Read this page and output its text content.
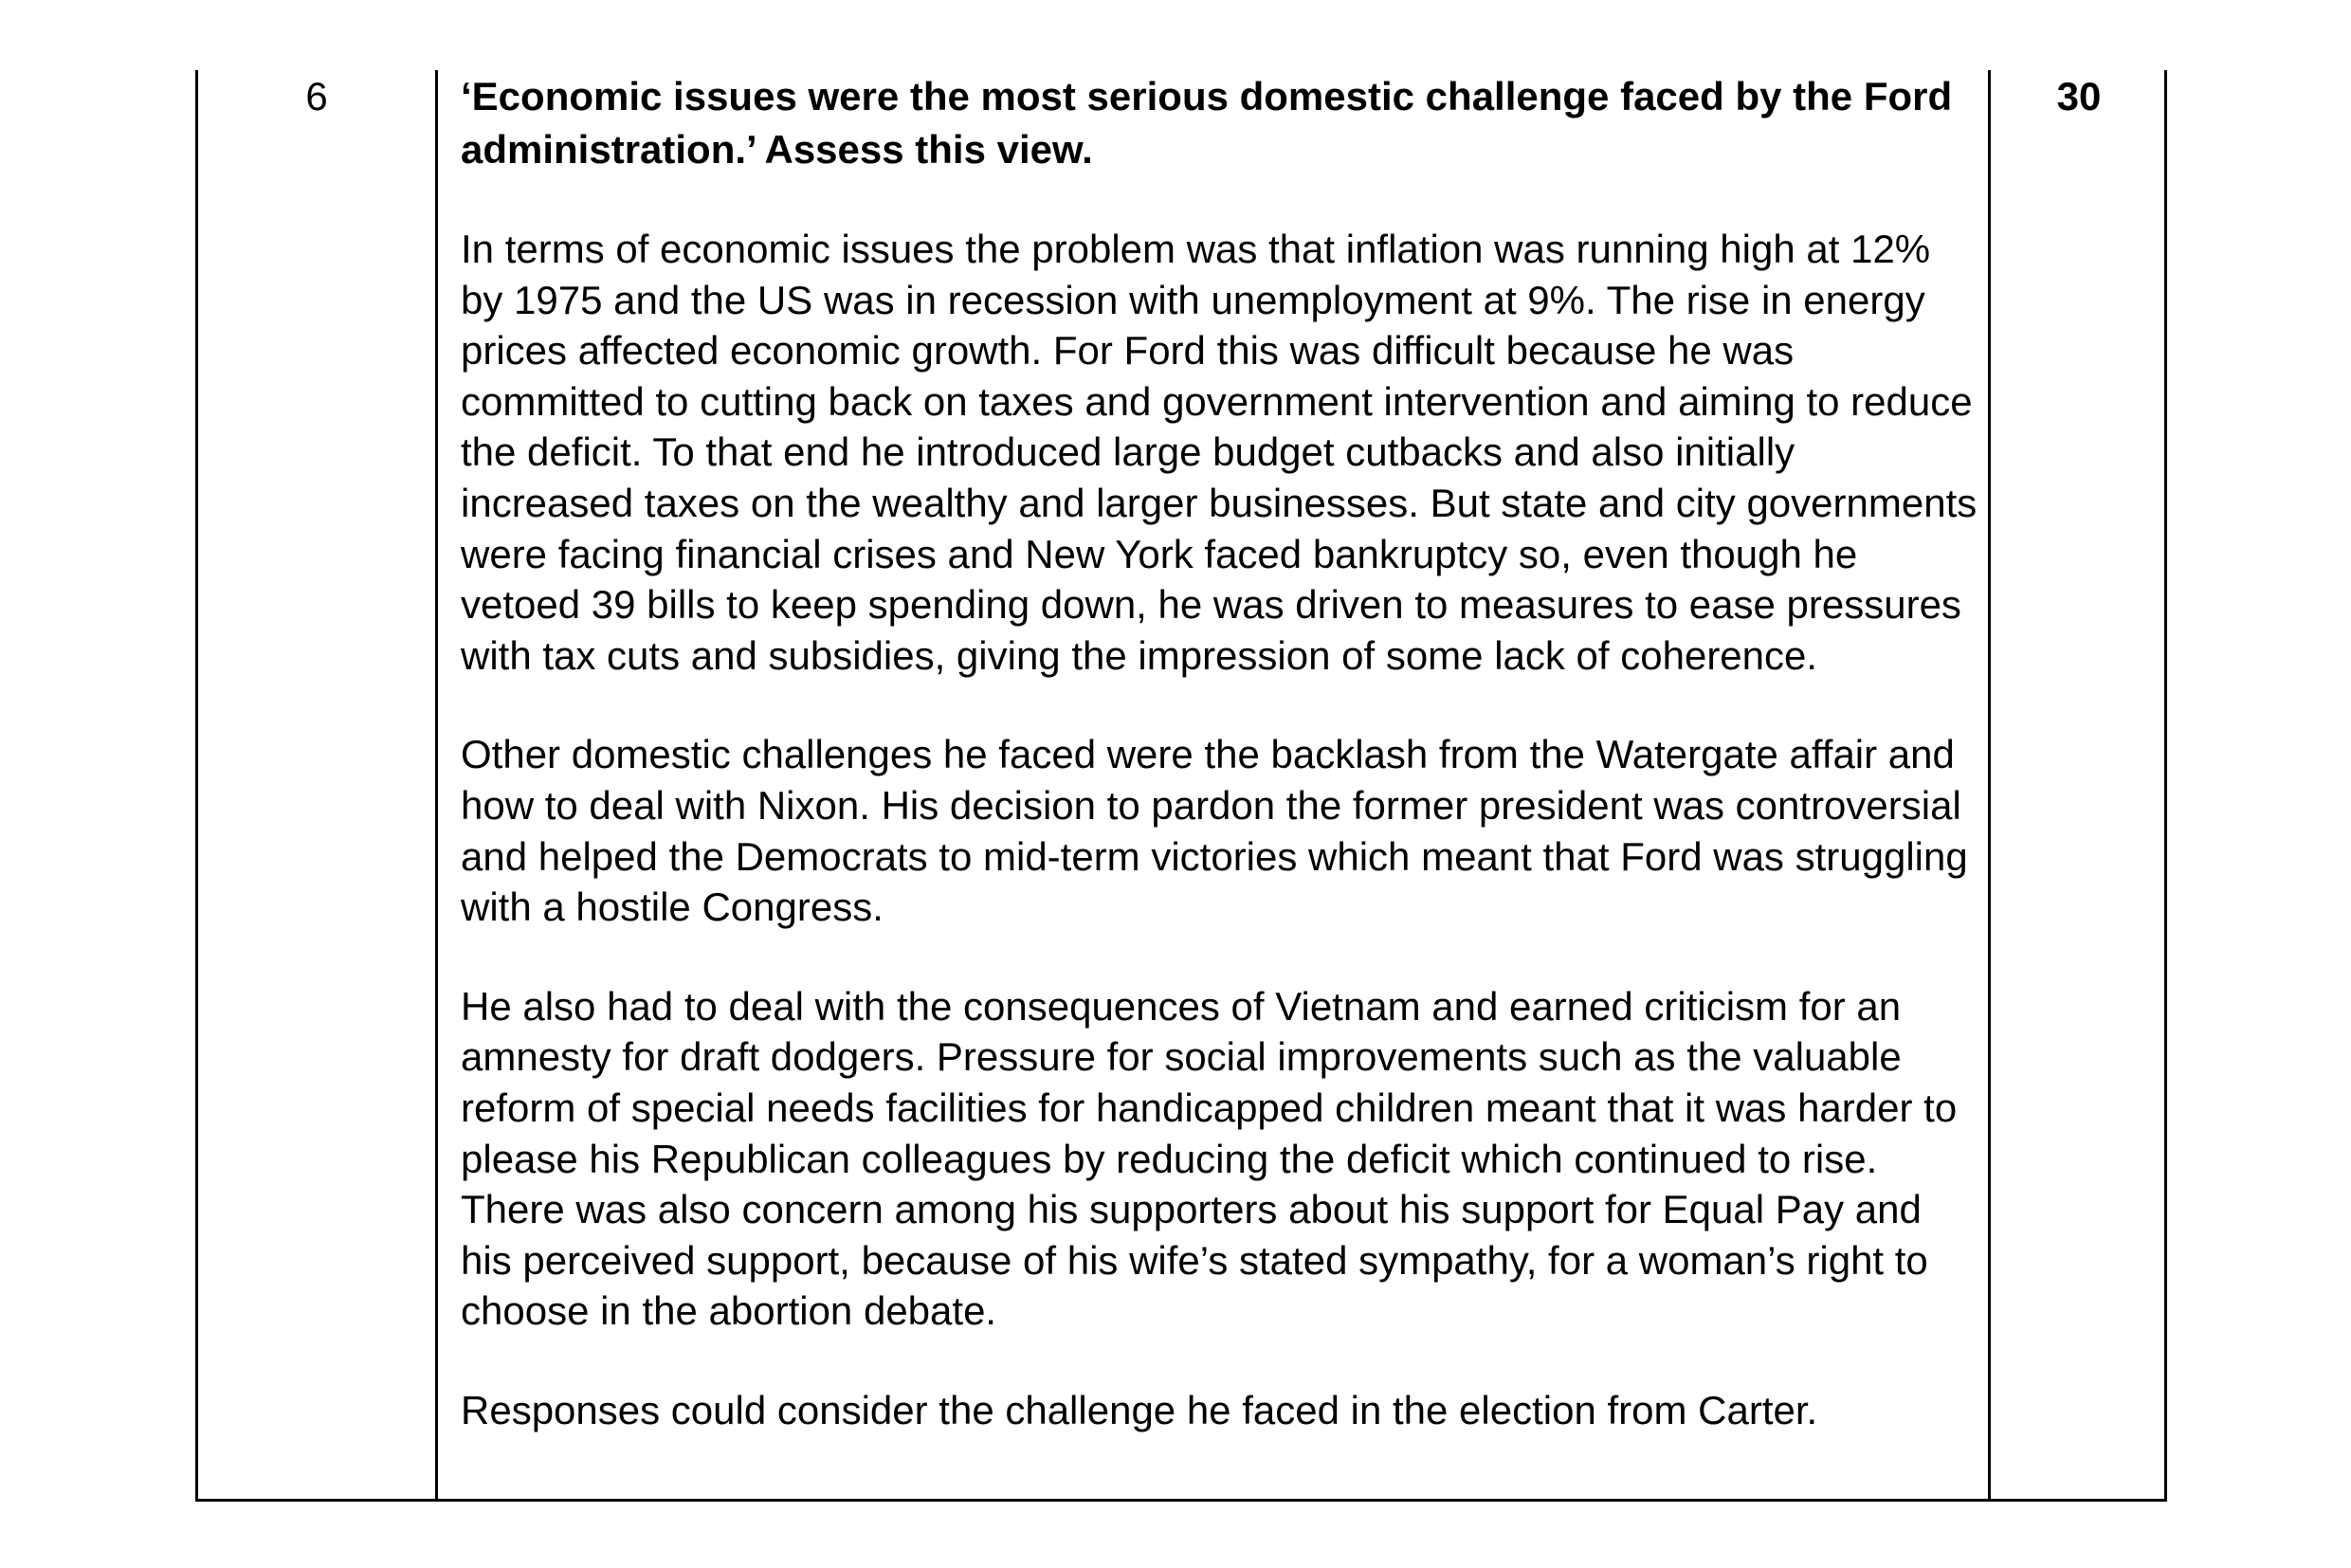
6	‘Economic issues were the most serious domestic challenge faced by the Ford administration.’ Assess this view.

In terms of economic issues the problem was that inflation was running high at 12% by 1975 and the US was in recession with unemployment at 9%. The rise in energy prices affected economic growth. For Ford this was difficult because he was committed to cutting back on taxes and government intervention and aiming to reduce the deficit. To that end he introduced large budget cutbacks and also initially increased taxes on the wealthy and larger businesses. But state and city governments were facing financial crises and New York faced bankruptcy so, even though he vetoed 39 bills to keep spending down, he was driven to measures to ease pressures with tax cuts and subsidies, giving the impression of some lack of coherence.

Other domestic challenges he faced were the backlash from the Watergate affair and how to deal with Nixon. His decision to pardon the former president was controversial and helped the Democrats to mid-term victories which meant that Ford was struggling with a hostile Congress.

He also had to deal with the consequences of Vietnam and earned criticism for an amnesty for draft dodgers. Pressure for social improvements such as the valuable reform of special needs facilities for handicapped children meant that it was harder to please his Republican colleagues by reducing the deficit which continued to rise. There was also concern among his supporters about his support for Equal Pay and his perceived support, because of his wife’s stated sympathy, for a woman’s right to choose in the abortion debate.

Responses could consider the challenge he faced in the election from Carter.

30
